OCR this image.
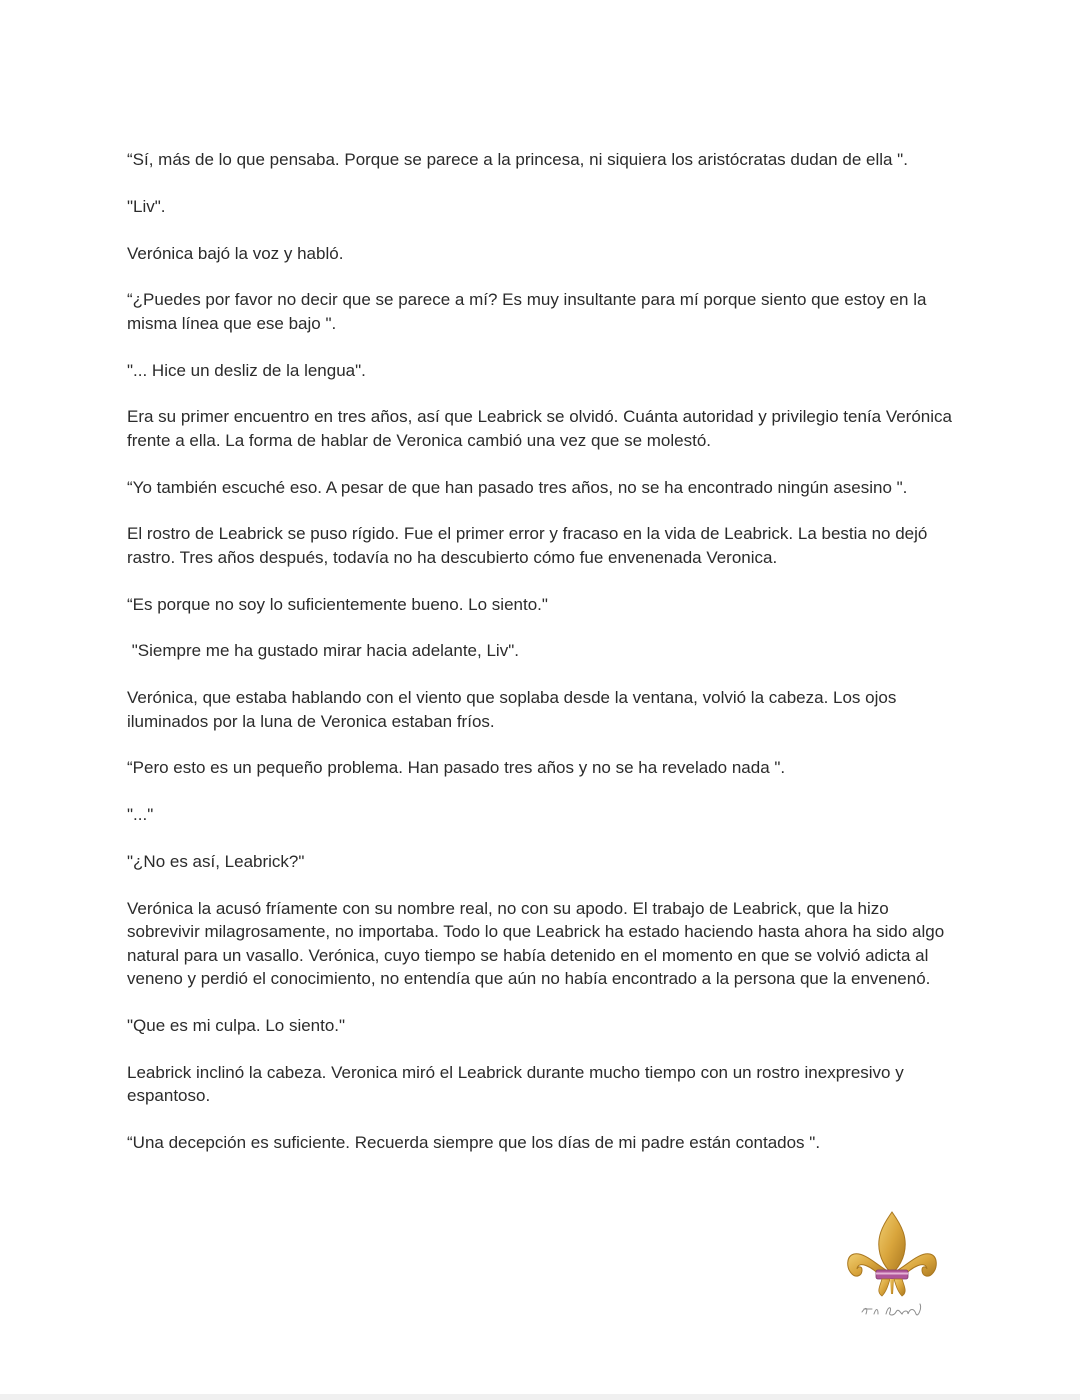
“Sí, más de lo que pensaba. Porque se parece a la princesa, ni siquiera los aristócratas dudan de ella ".

"Liv".

Verónica bajó la voz y habló.

“¿Puedes por favor no decir que se parece a mí? Es muy insultante para mí porque siento que estoy en la misma línea que ese bajo ".

"... Hice un desliz de la lengua".

Era su primer encuentro en tres años, así que Leabrick se olvidó. Cuánta autoridad y privilegio tenía Verónica frente a ella. La forma de hablar de Veronica cambió una vez que se molestó.

“Yo también escuché eso. A pesar de que han pasado tres años, no se ha encontrado ningún asesino ".

El rostro de Leabrick se puso rígido. Fue el primer error y fracaso en la vida de Leabrick. La bestia no dejó rastro. Tres años después, todavía no ha descubierto cómo fue envenenada Veronica.

“Es porque no soy lo suficientemente bueno. Lo siento."

"Siempre me ha gustado mirar hacia adelante, Liv".

Verónica, que estaba hablando con el viento que soplaba desde la ventana, volvió la cabeza. Los ojos iluminados por la luna de Veronica estaban fríos.

“Pero esto es un pequeño problema. Han pasado tres años y no se ha revelado nada ".

"..."

"¿No es así, Leabrick?"

Verónica la acusó fríamente con su nombre real, no con su apodo. El trabajo de Leabrick, que la hizo sobrevivir milagrosamente, no importaba. Todo lo que Leabrick ha estado haciendo hasta ahora ha sido algo natural para un vasallo. Verónica, cuyo tiempo se había detenido en el momento en que se volvió adicta al veneno y perdió el conocimiento, no entendía que aún no había encontrado a la persona que la envenenó.

"Que es mi culpa. Lo siento."

Leabrick inclinó la cabeza. Veronica miró el Leabrick durante mucho tiempo con un rostro inexpresivo y espantoso.

“Una decepción es suficiente. Recuerda siempre que los días de mi padre están contados ".
